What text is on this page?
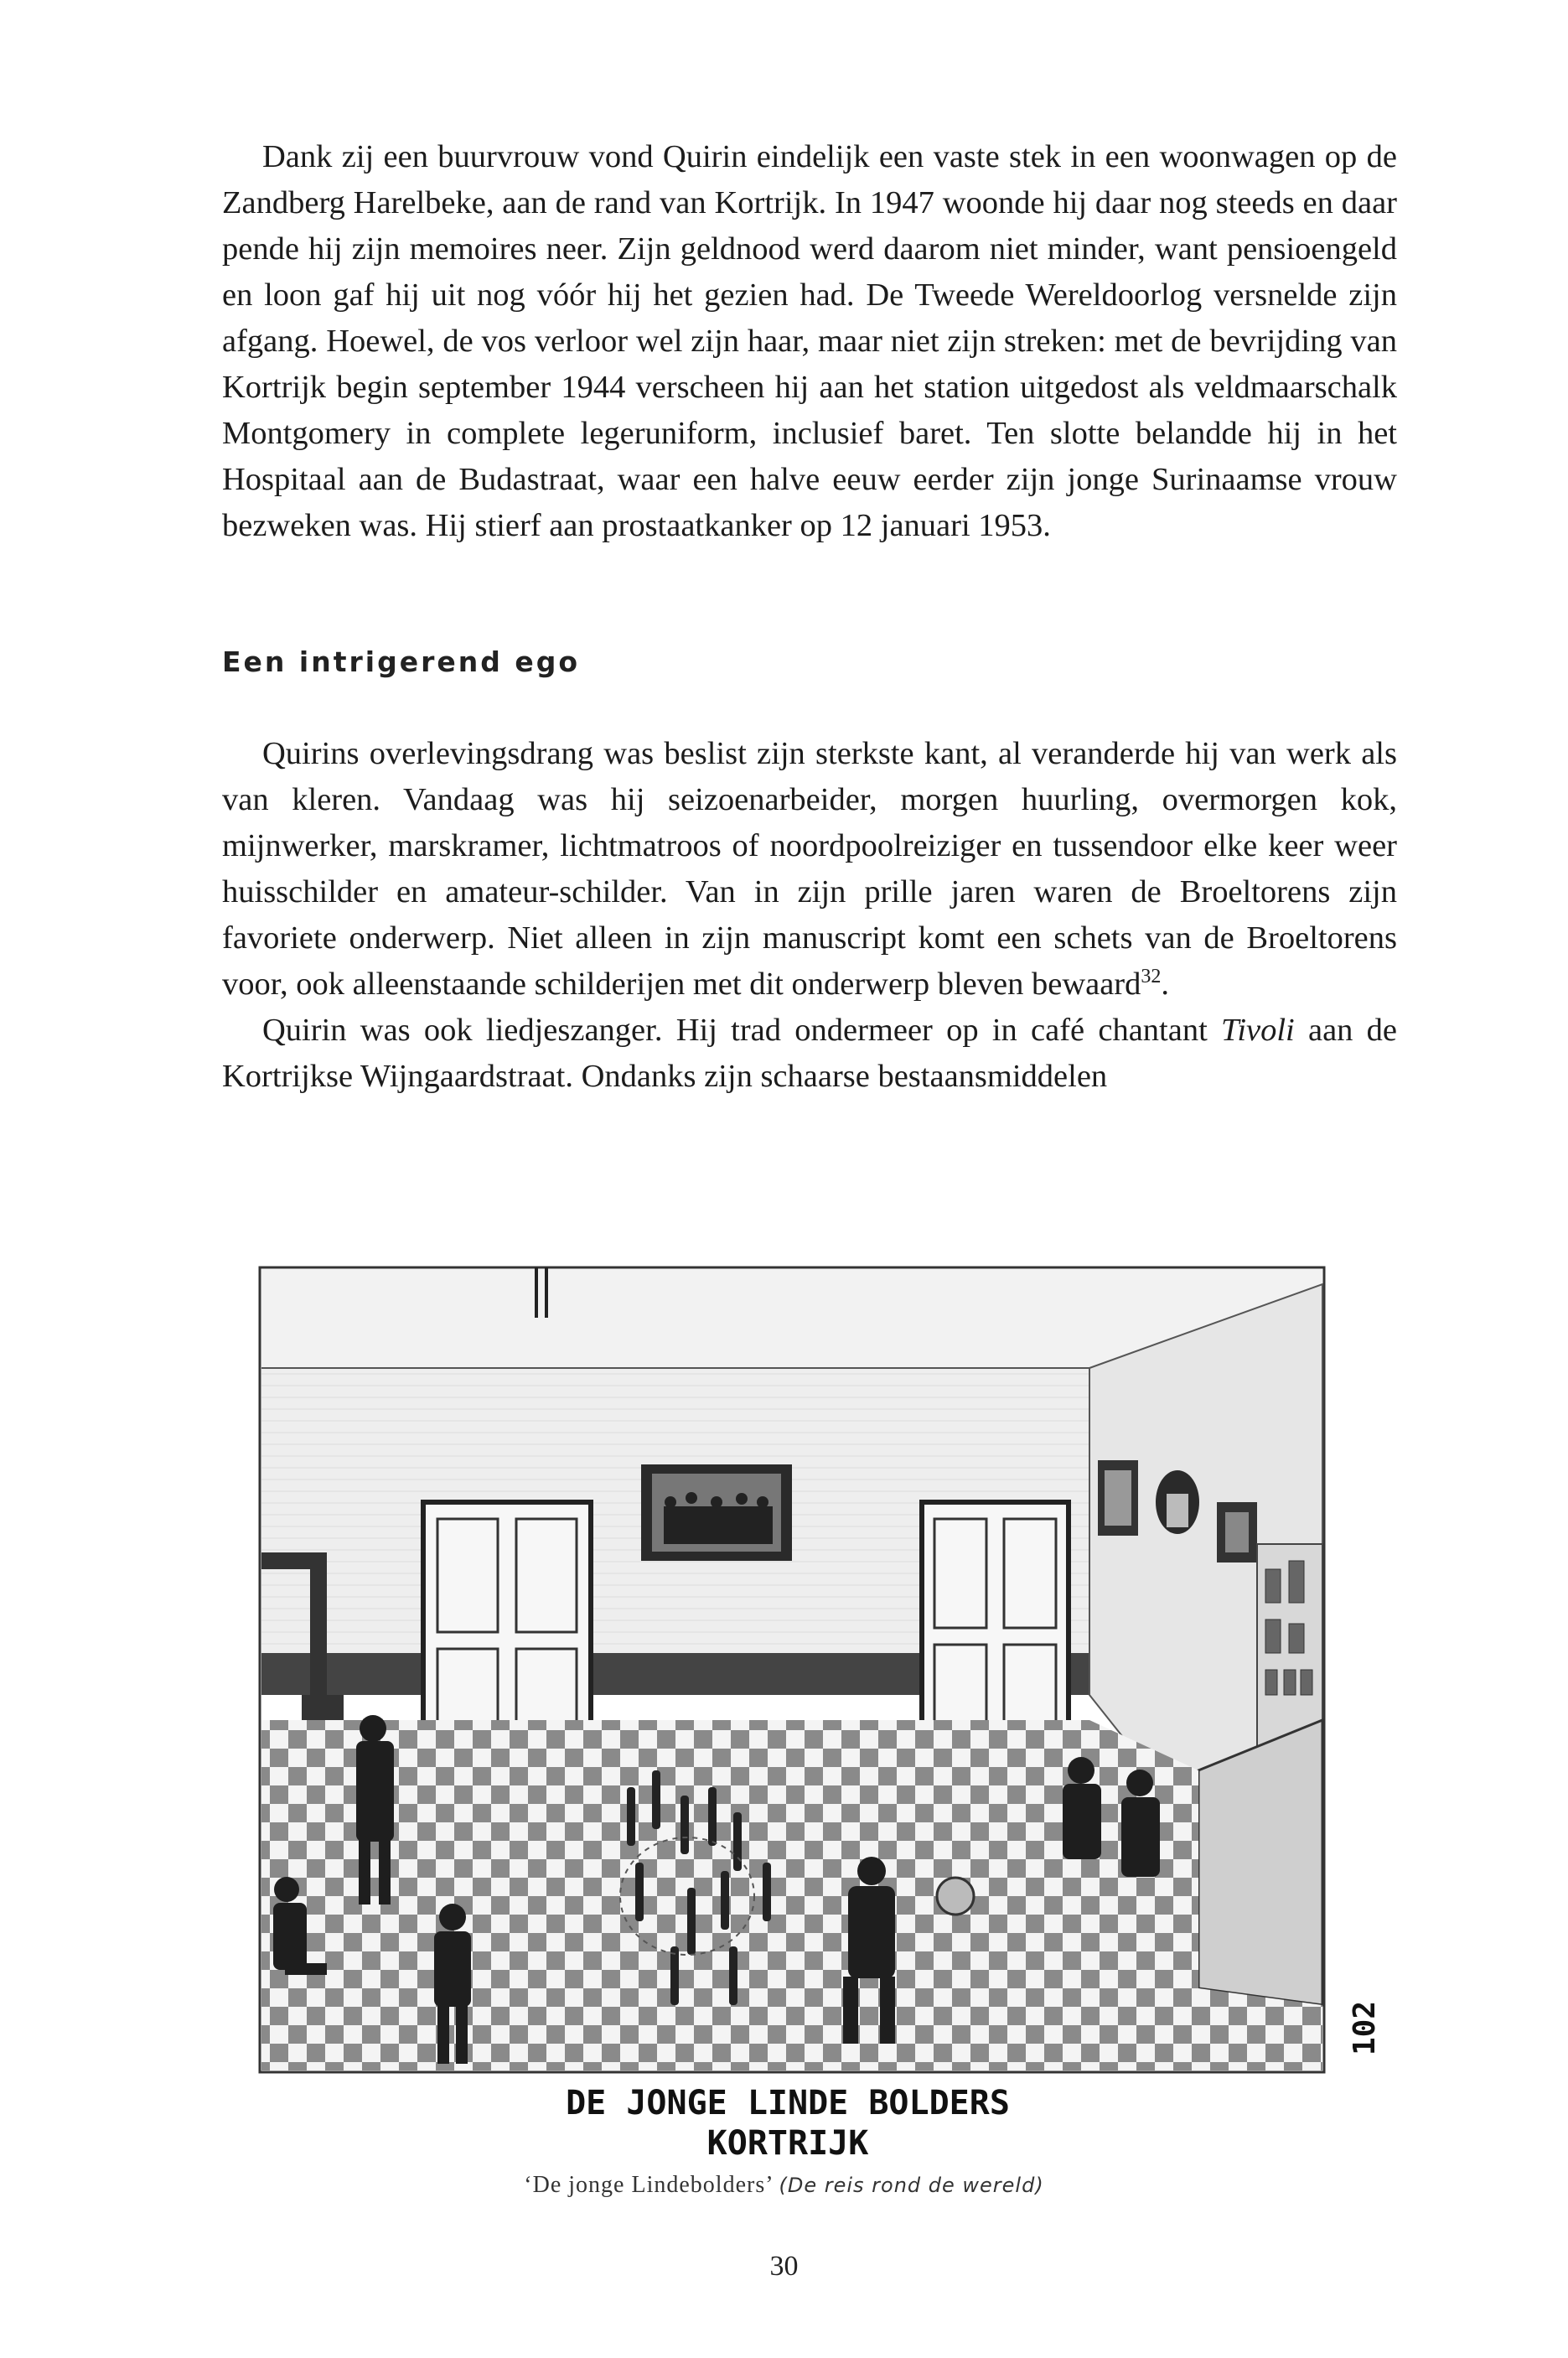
Dank zij een buurvrouw vond Quirin eindelijk een vaste stek in een woonwagen op de Zandberg Harelbeke, aan de rand van Kortrijk. In 1947 woonde hij daar nog steeds en daar pende hij zijn memoires neer. Zijn geldnood werd daarom niet minder, want pensioengeld en loon gaf hij uit nog vóór hij het gezien had. De Tweede Wereldoorlog versnelde zijn afgang. Hoewel, de vos verloor wel zijn haar, maar niet zijn streken: met de bevrijding van Kortrijk begin september 1944 verscheen hij aan het station uitgedost als veldmaarschalk Montgomery in complete legeruniform, inclusief baret. Ten slotte belandde hij in het Hospitaal aan de Budastraat, waar een halve eeuw eerder zijn jonge Surinaamse vrouw bezweken was. Hij stierf aan prostaatkanker op 12 januari 1953.

Een intrigerend ego

Quirins overlevingsdrang was beslist zijn sterkste kant, al veranderde hij van werk als van kleren. Vandaag was hij seizoenarbeider, morgen huurling, overmorgen kok, mijnwerker, marskramer, lichtmatroos of noordpoolreiziger en tussendoor elke keer weer huisschilder en amateur-schilder. Van in zijn prille jaren waren de Broeltorens zijn favoriete onderwerp. Niet alleen in zijn manuscript komt een schets van de Broeltorens voor, ook alleenstaande schilderijen met dit onderwerp bleven bewaard$^{32}$.

Quirin was ook liedjeszanger. Hij trad ondermeer op in café chantant Tivoli aan de Kortrijkse Wijngaardstraat. Ondanks zijn schaarse bestaansmiddelen

DE JONGE LINDE BOLDERS
KORTRIJK
102
‘De jonge Lindebolders’ (De reis rond de wereld)
30
